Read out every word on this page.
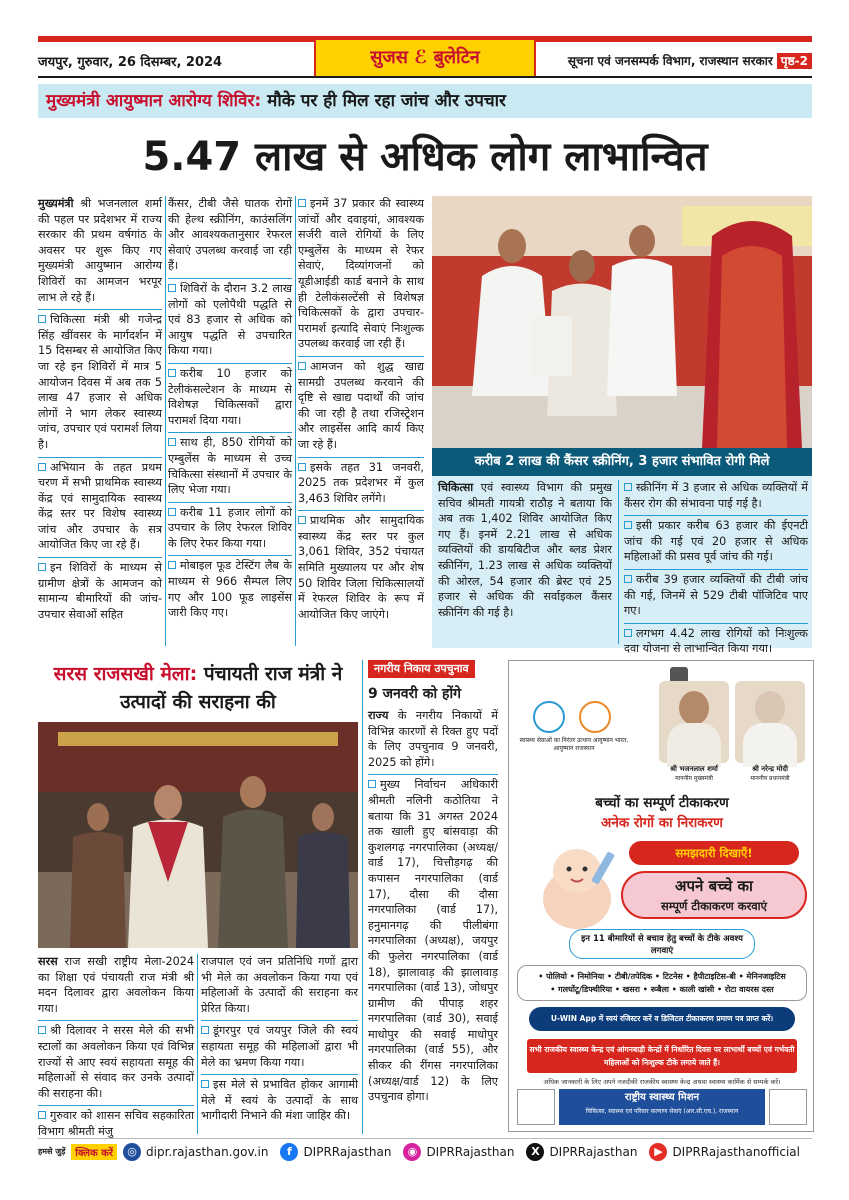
जयपुर, गुरुवार, 26 दिसम्बर, 2024	सुजस ℰ बुलेटिन	सूचना एवं जनसम्पर्क विभाग, राजस्थान सरकार पृष्ठ-2
मुख्यमंत्री आयुष्मान आरोग्य शिविर: मौके पर ही मिल रहा जांच और उपचार
5.47 लाख से अधिक लोग लाभान्वित

मुख्यमंत्री श्री भजनलाल शर्मा की पहल पर प्रदेशभर में राज्य सरकार की प्रथम वर्षगांठ के अवसर पर शुरू किए गए मुख्यमंत्री आयुष्मान आरोग्य शिविरों का आमजन भरपूर लाभ ले रहे हैं।

चिकित्सा मंत्री श्री गजेन्द्र सिंह खींवसर के मार्गदर्शन में 15 दिसम्बर से आयोजित किए जा रहे इन शिविरों में मात्र 5 आयोजन दिवस में अब तक 5 लाख 47 हजार से अधिक लोगों ने भाग लेकर स्वास्थ्य जांच, उपचार एवं परामर्श लिया है।

अभियान के तहत प्रथम चरण में सभी प्राथमिक स्वास्थ्य केंद्र एवं सामुदायिक स्वास्थ्य केंद्र स्तर पर विशेष स्वास्थ्य जांच और उपचार के सत्र आयोजित किए जा रहे हैं।

इन शिविरों के माध्यम से ग्रामीण क्षेत्रों के आमजन को सामान्य बीमारियों की जांच-उपचार सेवाओं सहित

कैंसर, टीबी जैसे घातक रोगों की हेल्थ स्क्रीनिंग, काउंसलिंग और आवश्यकतानुसार रेफरल सेवाएं उपलब्ध करवाई जा रही हैं।

शिविरों के दौरान 3.2 लाख लोगों को एलोपैथी पद्धति से एवं 83 हजार से अधिक को आयुष पद्धति से उपचारित किया गया।

करीब 10 हजार को टेलीकंसल्टेशन के माध्यम से विशेषज्ञ चिकित्सकों द्वारा परामर्श दिया गया।

साथ ही, 850 रोगियों को एम्बुलेंस के माध्यम से उच्च चिकित्सा संस्थानों में उपचार के लिए भेजा गया।

करीब 11 हजार लोगों को उपचार के लिए रेफरल शिविर के लिए रेफर किया गया।

मोबाइल फूड टेस्टिंग लैब के माध्यम से 966 सैम्पल लिए गए और 100 फूड लाइसेंस जारी किए गए।

इनमें 37 प्रकार की स्वास्थ्य जांचों और दवाइयां, आवश्यक सर्जरी वाले रोगियों के लिए एम्बुलेंस के माध्यम से रेफर सेवाएं, दिव्यांगजनों को यूडीआईडी कार्ड बनाने के साथ ही टेलीकंसल्टेंसी से विशेषज्ञ चिकित्सकों के द्वारा उपचार-परामर्श इत्यादि सेवाएं निःशुल्क उपलब्ध करवाई जा रही हैं।

आमजन को शुद्ध खाद्य सामग्री उपलब्ध करवाने की दृष्टि से खाद्य पदार्थों की जांच की जा रही है तथा रजिस्ट्रेशन और लाइसेंस आदि कार्य किए जा रहे हैं।

इसके तहत 31 जनवरी, 2025 तक प्रदेशभर में कुल 3,463 शिविर लगेंगे।

प्राथमिक और सामुदायिक स्वास्थ्य केंद्र स्तर पर कुल 3,061 शिविर, 352 पंचायत समिति मुख्यालय पर और शेष 50 शिविर जिला चिकित्सालयों में रेफरल शिविर के रूप में आयोजित किए जाएंगे।

करीब 2 लाख की कैंसर स्क्रीनिंग, 3 हजार संभावित रोगी मिले

चिकित्सा एवं स्वास्थ्य विभाग की प्रमुख सचिव श्रीमती गायत्री राठौड़ ने बताया कि अब तक 1,402 शिविर आयोजित किए गए हैं। इनमें 2.21 लाख से अधिक व्यक्तियों की डायबिटीज और ब्लड प्रेशर स्क्रीनिंग, 1.23 लाख से अधिक व्यक्तियों की ओरल, 54 हजार की ब्रेस्ट एवं 25 हजार से अधिक की सर्वाइकल कैंसर स्क्रीनिंग की गई है।

स्क्रीनिंग में 3 हजार से अधिक व्यक्तियों में कैंसर रोग की संभावना पाई गई है।

इसी प्रकार करीब 63 हजार की ईएनटी जांच की गई एवं 20 हजार से अधिक महिलाओं की प्रसव पूर्व जांच की गई।

करीब 39 हजार व्यक्तियों की टीबी जांच की गई, जिनमें से 529 टीबी पॉजिटिव पाए गए।

लगभग 4.42 लाख रोगियों को निःशुल्क दवा योजना से लाभान्वित किया गया।

सरस राजसखी मेला: पंचायती राज मंत्री ने उत्पादों की सराहना की

सरस राज सखी राष्ट्रीय मेला-2024 का शिक्षा एवं पंचायती राज मंत्री श्री मदन दिलावर द्वारा अवलोकन किया गया।

श्री दिलावर ने सरस मेले की सभी स्टालों का अवलोकन किया एवं विभिन्न राज्यों से आए स्वयं सहायता समूह की महिलाओं से संवाद कर उनके उत्पादों की सराहना की।

गुरुवार को शासन सचिव सहकारिता विभाग श्रीमती मंजु

राजपाल एवं जन प्रतिनिधि गणों द्वारा भी मेले का अवलोकन किया गया एवं महिलाओं के उत्पादों की सराहना कर प्रेरित किया।

डूंगरपुर एवं जयपुर जिले की स्वयं सहायता समूह की महिलाओं द्वारा भी मेले का भ्रमण किया गया।

इस मेले से प्रभावित होकर आगामी मेले में स्वयं के उत्पादों के साथ भागीदारी निभाने की मंशा जाहिर की।

नगरीय निकाय उपचुनाव
9 जनवरी को होंगे

राज्य के नगरीय निकायों में विभिन्न कारणों से रिक्त हुए पदों के लिए उपचुनाव 9 जनवरी, 2025 को होंगे।

मुख्य निर्वाचन अधिकारी श्रीमती नलिनी कठोतिया ने बताया कि 31 अगस्त 2024 तक खाली हुए बांसवाड़ा की कुशलगढ़ नगरपालिका (अध्यक्ष/वार्ड 17), चित्तौड़गढ़ की कपासन नगरपालिका (वार्ड 17), दौसा की दौसा नगरपालिका (वार्ड 17), हनुमानगढ़ की पीलीबंगा नगरपालिका (अध्यक्ष), जयपुर की फुलेरा नगरपालिका (वार्ड 18), झालावाड़ की झालावाड़ नगरपालिका (वार्ड 13), जोधपुर ग्रामीण की पीपाड़ शहर नगरपालिका (वार्ड 30), सवाई माधोपुर की सवाई माधोपुर नगरपालिका (वार्ड 55), और सीकर की रींगस नगरपालिका (अध्यक्ष/वार्ड 12) के लिए उपचुनाव होगा।

स्वास्थ्य सेवाओं का निरंतर उत्थान आयुष्मान भारत, आयुष्मान राजस्थान
श्री भजनलाल शर्मा
माननीय मुख्यमंत्री
श्री नरेन्द्र मोदी
माननीय प्रधानमंत्री
बच्चों का सम्पूर्ण टीकाकरण
अनेक रोगों का निराकरण
समझदारी दिखाएँ!
अपने बच्चे का
सम्पूर्ण टीकाकरण करवाएं
इन 11 बीमारियों से बचाव हेतु बच्चों के टीके अवश्य लगवाएं
• पोलियो • निमोनिया • टीबी/तपेदिक • टिटनेस • हैपीटाइटिस-बी • मेनिनजाइटिस
• गलघोंटू/डिफ्थीरिया • खसरा • रूबैला • काली खांसी • रोटा वायरस दस्त
U-WIN App में स्वयं रजिस्टर करें व डिजिटल टीकाकरण प्रमाण पत्र प्राप्त करें।
सभी राजकीय स्वास्थ्य केन्द्र एवं आंगनबाड़ी केन्द्रों में निर्धारित दिवस पर लाभार्थी बच्चों एवं गर्भवती महिलाओं को निःशुल्क टीके लगाये जाते हैं।
अधिक जानकारी के लिए अपने नजदीकी राजकीय स्वास्थ्य केन्द्र अथवा स्वास्थ्य कार्मिक से सम्पर्क करें।
राष्ट्रीय स्वास्थ्य मिशन
चिकित्सा, स्वास्थ्य एवं परिवार कल्याण सेवाएं (आर.सी.एच.), राजस्थान
हमसे जुड़ें क्लिक करें	◎ dipr.rajasthan.gov.in	f DIPRRajasthan	◉ DIPRRajasthan	X DIPRRajasthan	▶ DIPRRajasthanofficial
